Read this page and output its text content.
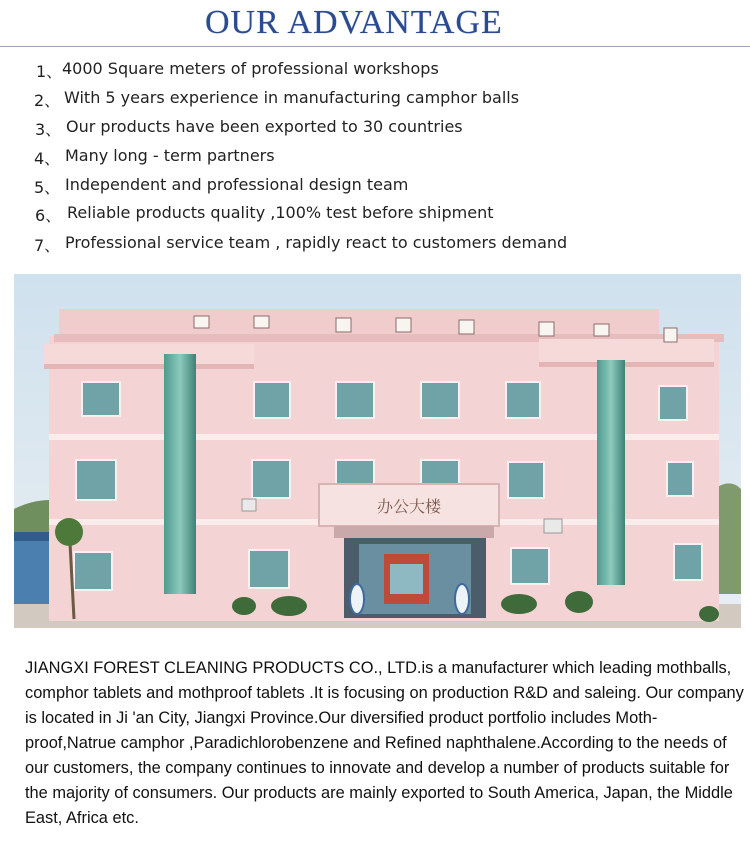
OUR ADVANTAGE
1、 4000 Square meters of professional workshops
2、 With 5 years experience in manufacturing camphor balls
3、 Our products have been exported to 30 countries
4、 Many long - term partners
5、 Independent and professional design team
6、 Reliable products quality ,100% test before shipment
7、 Professional service team , rapidly react to customers demand
办公大楼

JIANGXI FOREST CLEANING PRODUCTS CO., LTD.is a manufacturer which leading mothballs, comphor tablets and mothproof tablets .It is focusing on production R&D and saleing. Our company is located in Ji 'an City, Jiangxi Province.Our diversified product portfolio includes Moth-proof,Natrue camphor ,Paradichlorobenzene and Refined naphthalene.According to the needs of our customers, the company continues to innovate and develop a number of products suitable for the majority of consumers. Our products are mainly exported to South America, Japan, the Middle East, Africa etc.
